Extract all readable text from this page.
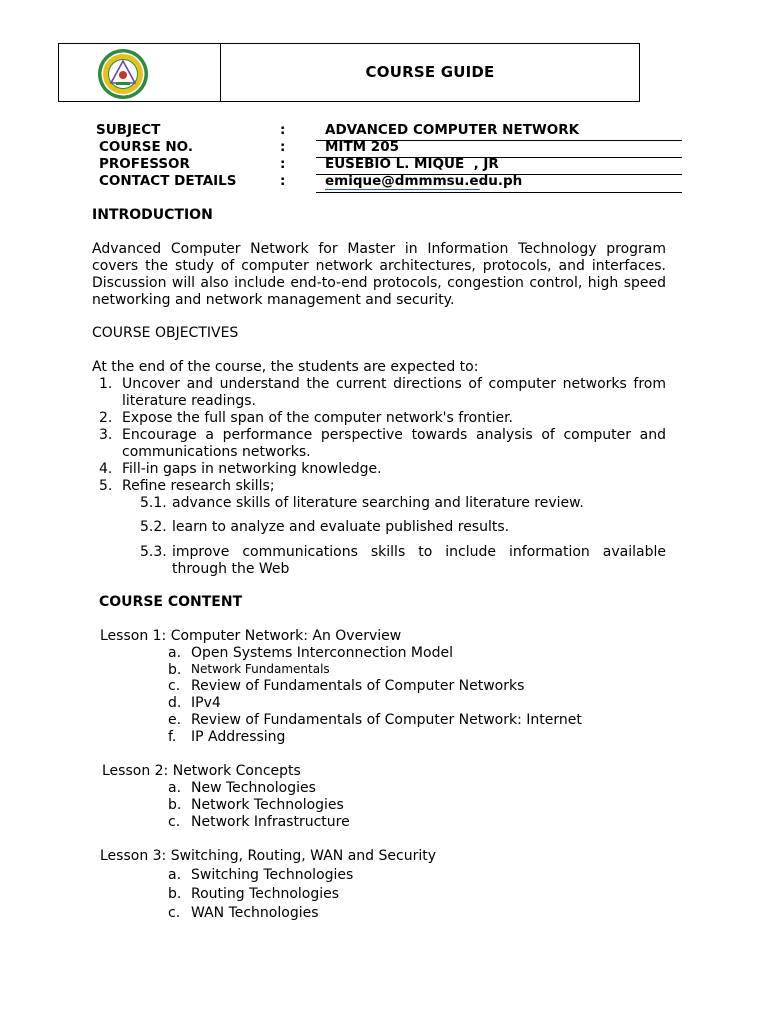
COURSE GUIDE
SUBJECT	:	ADVANCED COMPUTER NETWORK
COURSE NO.	:	MITM 205
PROFESSOR	:	EUSEBIO L. MIQUE  , JR
CONTACT DETAILS	:	emique@dmmmsu.edu.ph
INTRODUCTION
Advanced Computer Network for Master in Information Technology program
covers the study of computer network architectures, protocols, and interfaces.
Discussion will also include end-to-end protocols, congestion control, high speed
networking and network management and security.
COURSE OBJECTIVES
At the end of the course, the students are expected to:
1. Uncover and understand the current directions of computer networks from
literature readings.
2. Expose the full span of the computer network's frontier.
3. Encourage a performance perspective towards analysis of computer and
communications networks.
4. Fill-in gaps in networking knowledge.
5. Refine research skills;
5.1. advance skills of literature searching and literature review.
5.2. learn to analyze and evaluate published results.
5.3. improve communications skills to include information available
through the Web
COURSE CONTENT
Lesson 1: Computer Network: An Overview
a. Open Systems Interconnection Model
b. Network Fundamentals
c. Review of Fundamentals of Computer Networks
d. IPv4
e. Review of Fundamentals of Computer Network: Internet
f. IP Addressing
Lesson 2: Network Concepts
a. New Technologies
b. Network Technologies
c. Network Infrastructure
Lesson 3: Switching, Routing, WAN and Security
a. Switching Technologies
b. Routing Technologies
c. WAN Technologies
